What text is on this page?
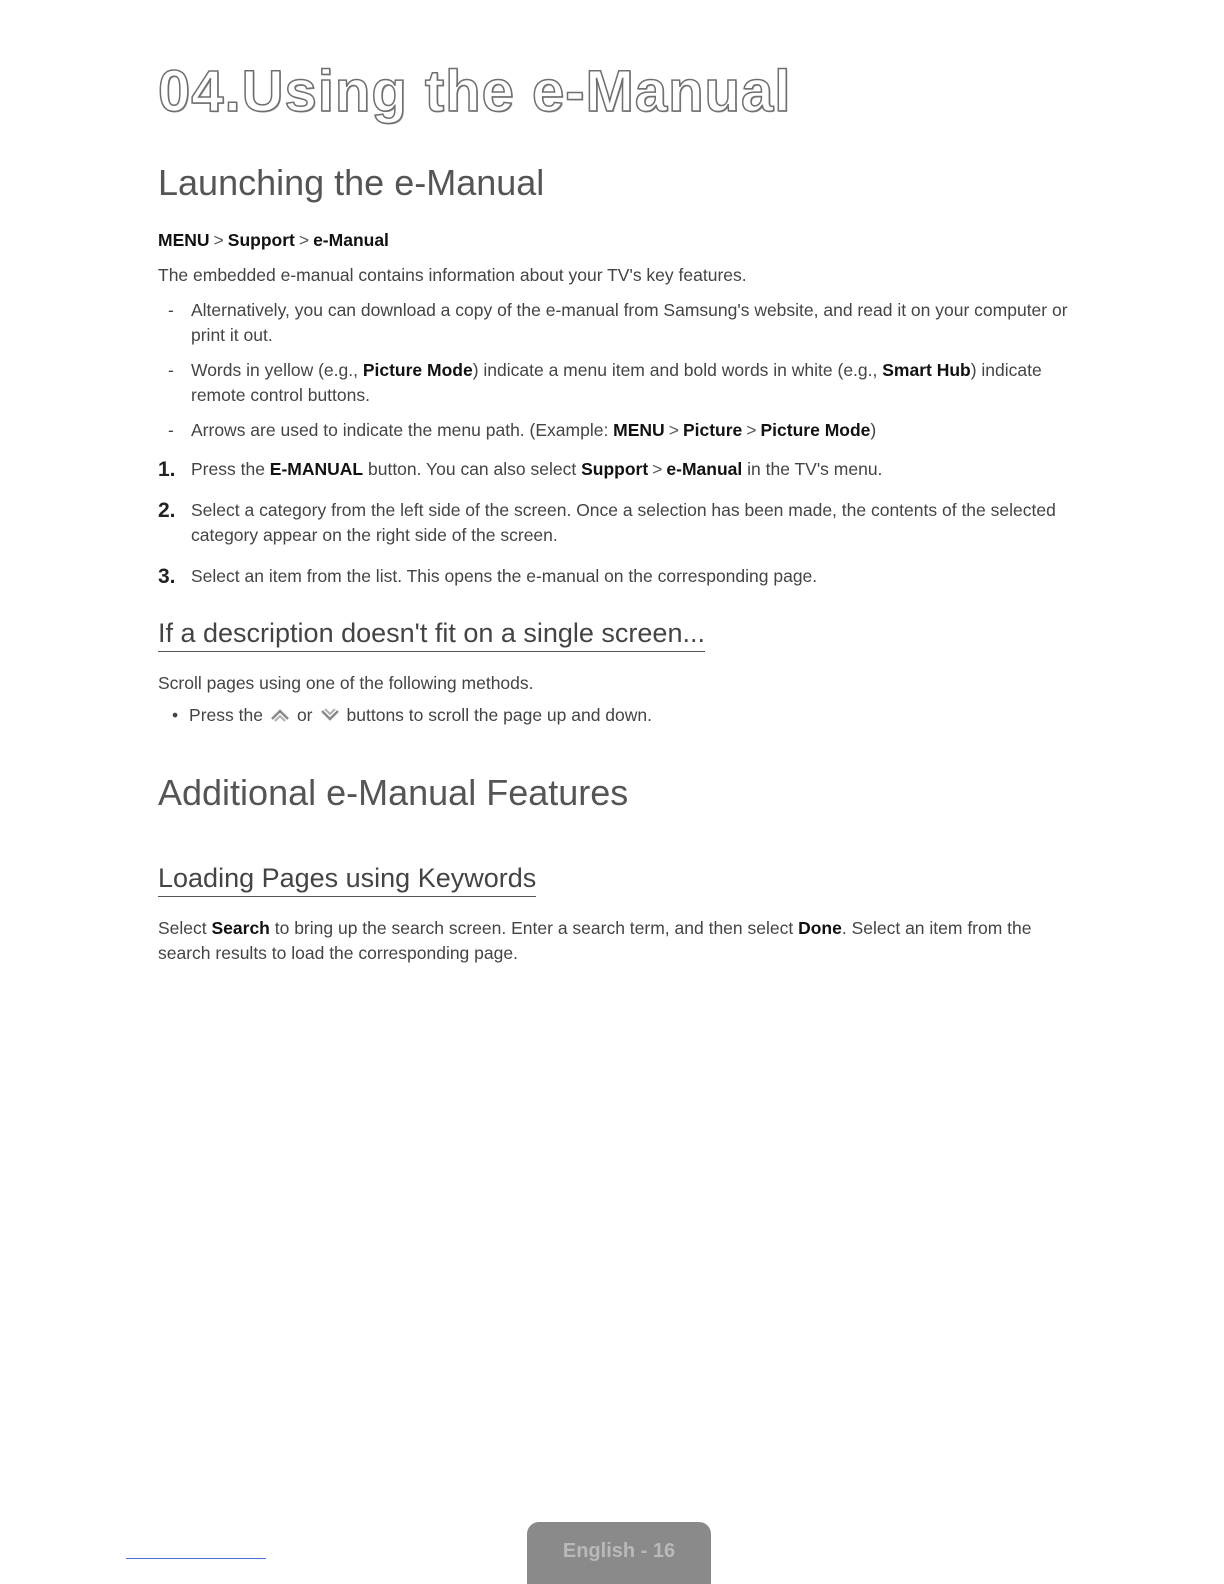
04.Using the e-Manual
Launching the e-Manual
MENU > Support > e-Manual

The embedded e-manual contains information about your TV's key features.

- Alternatively, you can download a copy of the e-manual from Samsung's website, and read it on your computer or print it out.
- Words in yellow (e.g., Picture Mode) indicate a menu item and bold words in white (e.g., Smart Hub) indicate remote control buttons.
- Arrows are used to indicate the menu path. (Example: MENU > Picture > Picture Mode)
1. Press the E-MANUAL button. You can also select Support > e-Manual in the TV's menu.
2. Select a category from the left side of the screen. Once a selection has been made, the contents of the selected category appear on the right side of the screen.
3. Select an item from the list. This opens the e-manual on the corresponding page.
If a description doesn't fit on a single screen...

Scroll pages using one of the following methods.

• Press the or buttons to scroll the page up and down.
Additional e-Manual Features
Loading Pages using Keywords

Select Search to bring up the search screen. Enter a search term, and then select Done. Select an item from the search results to load the corresponding page.

English - 16
